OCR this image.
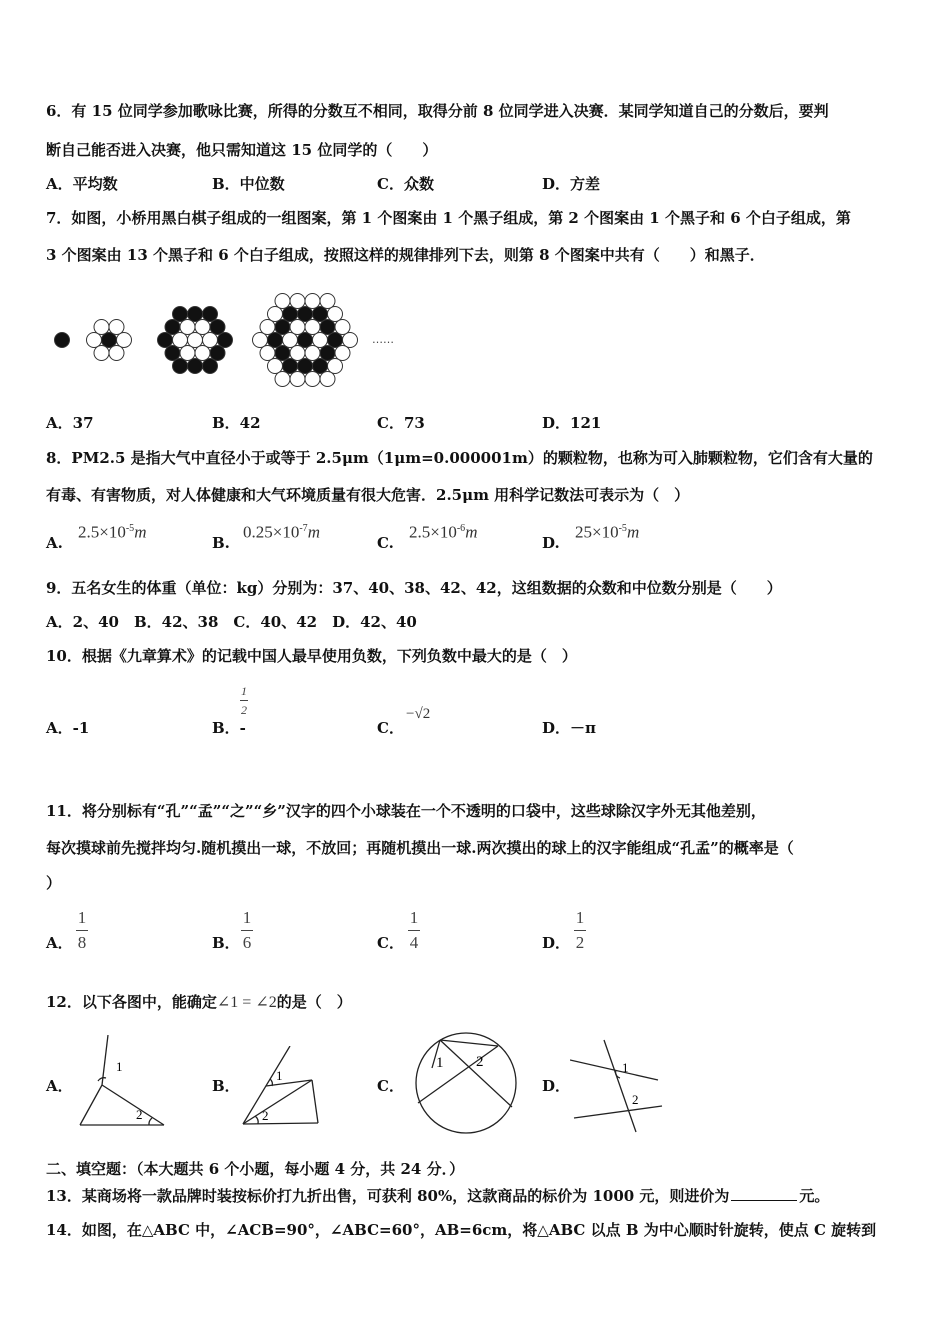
6．有 15 位同学参加歌咏比赛，所得的分数互不相同，取得分前 8 位同学进入决赛．某同学知道自己的分数后，要判
断自己能否进入决赛，他只需知道这 15 位同学的（　　）
A．平均数	B．中位数	C．众数	D．方差
7．如图，小桥用黑白棋子组成的一组图案，第 1 个图案由 1 个黑子组成，第 2 个图案由 1 个黑子和 6 个白子组成，第
3 个图案由 13 个黑子和 6 个白子组成，按照这样的规律排列下去，则第 8 个图案中共有（　　）和黑子．
……
A．37	B．42	C．73	D．121
8．PM2.5 是指大气中直径小于或等于 2.5μm（1μm=0.000001m）的颗粒物，也称为可入肺颗粒物，它们含有大量的
有毒、有害物质，对人体健康和大气环境质量有很大危害．2.5μm 用科学记数法可表示为（　）
A.
$2.5\times 10^{-5}m$
B.
$0.25\times 10^{-7}m$
C.
$2.5\times 10^{-6}m$
D.
$25\times 10^{-5}m$
9．五名女生的体重（单位：kg）分别为：37、40、38、42、42，这组数据的众数和中位数分别是（　　）
A．2、40　B．42、38　C．40、42　D．42、40
10．根据《九章算术》的记载中国人最早使用负数，下列负数中最大的是（　）
A．-1	B．-
1
2
C．
−√2
D．－π
11．将分别标有“孔”“孟”“之”“乡”汉字的四个小球装在一个不透明的口袋中，这些球除汉字外无其他差别，
每次摸球前先搅拌均匀.随机摸出一球，不放回；再随机摸出一球.两次摸出的球上的汉字能组成“孔孟”的概率是（
）
A．
1
8	B．
1
6	C．
1
4	D．
1
2
12．以下各图中，能确定∠1 = ∠2的是（　）
A．
1
2
B．
1
2
C．
1 2
D．
1
2
二、填空题：（本大题共 6 个小题，每小题 4 分，共 24 分．）
13．某商场将一款品牌时装按标价打九折出售，可获利 80%，这款商品的标价为 1000 元，则进价为	元。
14．如图，在△ABC 中，∠ACB=90°，∠ABC=60°，AB=6cm，将△ABC 以点 B 为中心顺时针旋转，使点 C 旋转到
